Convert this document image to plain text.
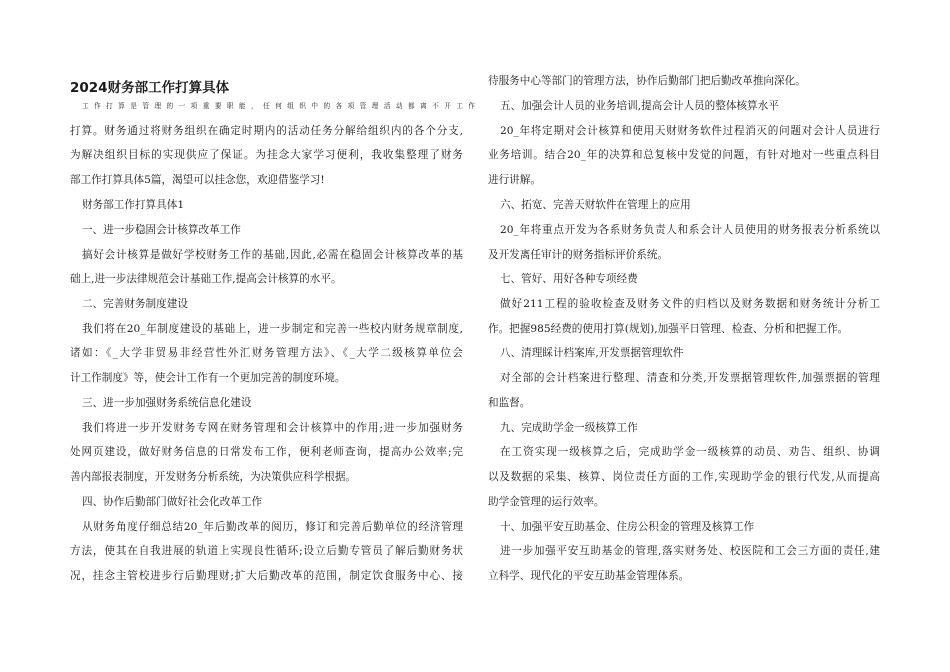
2024财务部工作打算具体
工作打算是管理的一项重要职能，任何组织中的各项管理活动都离不开工作
打算。财务通过将财务组织在确定时期内的活动任务分解给组织内的各个分支,
为解决组织目标的实现供应了保证。为挂念大家学习便利，我收集整理了财务
部工作打算具体5篇，渴望可以挂念您，欢迎借鉴学习!
财务部工作打算具体1
一、进一步稳固会计核算改革工作
搞好会计核算是做好学校财务工作的基础,因此,必需在稳固会计核算改革的基
础上,进一步法律规范会计基础工作,提高会计核算的水平。
二、完善财务制度建设
我们将在20_年制度建设的基础上，进一步制定和完善一些校内财务规章制度,
诸如：《_大学非贸易非经营性外汇财务管理方法》、《_大学二级核算单位会
计工作制度》等，使会计工作有一个更加完善的制度环境。
三、进一步加强财务系统信息化建设
我们将进一步开发财务专网在财务管理和会计核算中的作用;进一步加强财务
处网页建设，做好财务信息的日常发布工作，便利老师查询，提高办公效率;完
善内部报表制度，开发财务分析系统，为决策供应科学根据。
四、协作后勤部门做好社会化改革工作
从财务角度仔细总结20_年后勤改革的阅历，修订和完善后勤单位的经济管理
方法，使其在自我进展的轨道上实现良性循环;设立后勤专管员了解后勤财务状
况，挂念主管校进步行后勤理财;扩大后勤改革的范围，制定饮食服务中心、接
待服务中心等部门的管理方法，协作后勤部门把后勤改革推向深化。
五、加强会计人员的业务培训,提高会计人员的整体核算水平
20_年将定期对会计核算和使用天财财务软件过程消灭的问题对会计人员进行
业务培训。结合20_年的决算和总复核中发觉的问题，有针对地对一些重点科目
进行讲解。
六、拓宽、完善天财软件在管理上的应用
20_年将重点开发为各系财务负责人和系会计人员使用的财务报表分析系统以
及开发离任审计的财务指标评价系统。
七、管好、用好各种专项经费
做好211工程的验收检查及财务文件的归档以及财务数据和财务统计分析工
作。把握985经费的使用打算(规划),加强平日管理、检查、分析和把握工作。
八、清理睬计档案库,开发票据管理软件
对全部的会计档案进行整理、清查和分类,开发票据管理软件,加强票据的管理
和监督。
九、完成助学金一级核算工作
在工资实现一级核算之后，完成助学金一级核算的动员、劝告、组织、协调
以及数据的采集、核算、岗位责任方面的工作,实现助学金的银行代发,从而提高
助学金管理的运行效率。
十、加强平安互助基金、住房公积金的管理及核算工作
进一步加强平安互助基金的管理,落实财务处、校医院和工会三方面的责任,建
立科学、现代化的平安互助基金管理体系。
